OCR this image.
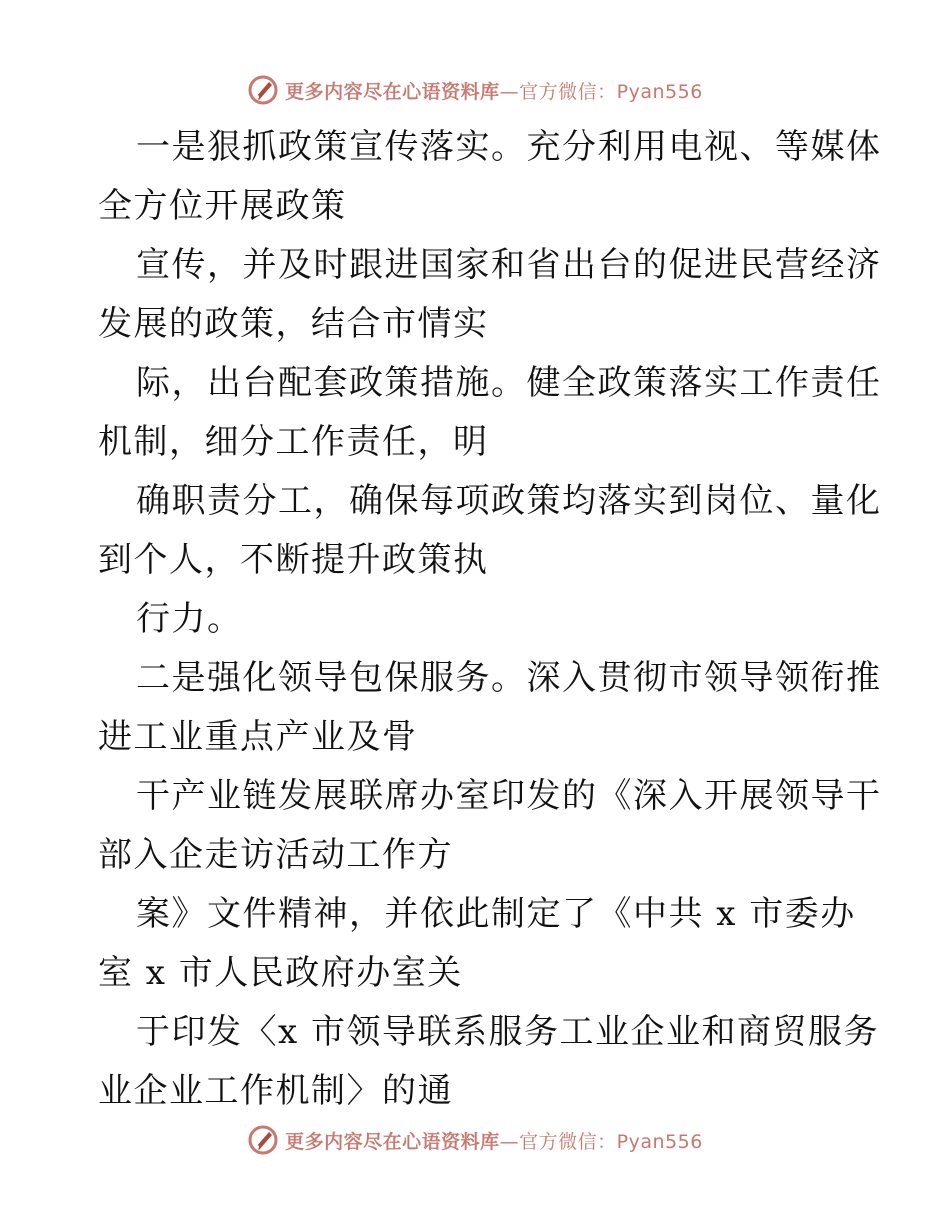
更多内容尽在心语资料库—官方微信：Pyan556
一是狠抓政策宣传落实。充分利用电视、等媒体
全方位开展政策
宣传，并及时跟进国家和省出台的促进民营经济
发展的政策，结合市情实
际，出台配套政策措施。健全政策落实工作责任
机制，细分工作责任，明
确职责分工，确保每项政策均落实到岗位、量化
到个人，不断提升政策执
行力。
二是强化领导包保服务。深入贯彻市领导领衔推
进工业重点产业及骨
干产业链发展联席办室印发的《深入开展领导干
部入企走访活动工作方
案》文件精神，并依此制定了《中共 x 市委办
室 x 市人民政府办室关
于印发〈x 市领导联系服务工业企业和商贸服务
业企业工作机制〉的通
更多内容尽在心语资料库—官方微信：Pyan556
